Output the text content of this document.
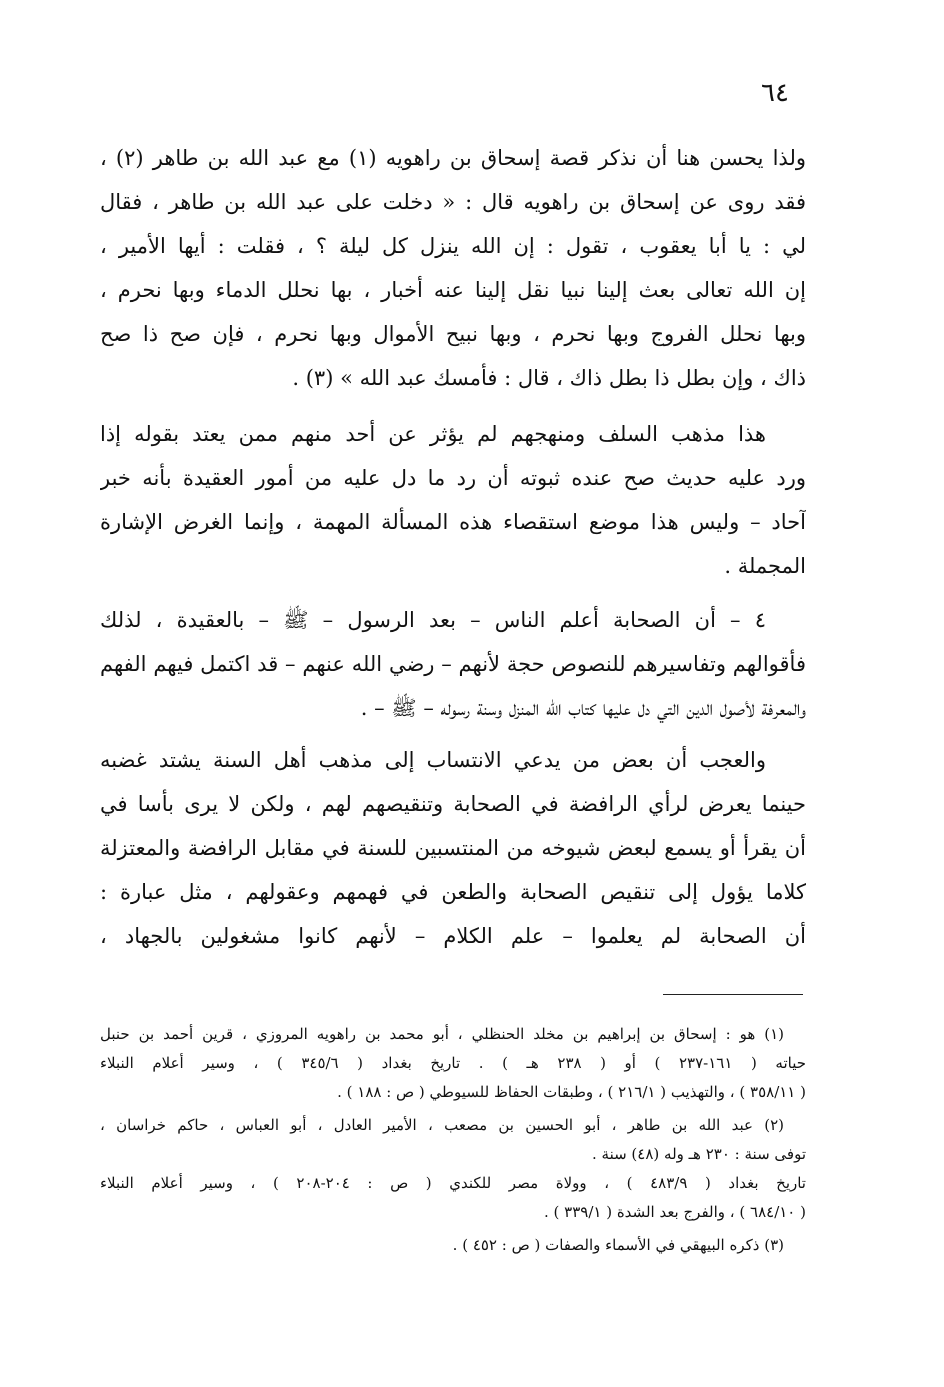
٦٤
ولذا يحسن هنا أن نذكر قصة إسحاق بن راهويه (١) مع عبد الله بن طاهر (٢) ،
فقد روى عن إسحاق بن راهويه قال : « دخلت على عبد الله بن طاهر ، فقال
لي : يا أبا يعقوب ، تقول : إن الله ينزل كل ليلة ؟ ، فقلت : أيها الأمير ،
إن الله تعالى بعث إلينا نبيا نقل إلينا عنه أخبار ، بها نحلل الدماء وبها نحرم ،
وبها نحلل الفروج وبها نحرم ، وبها نبيح الأموال وبها نحرم ، فإن صح ذا صح
ذاك ، وإن بطل ذا بطل ذاك ، قال : فأمسك عبد الله » (٣) .
هذا مذهب السلف ومنهجهم لم يؤثر عن أحد منهم ممن يعتد بقوله إذا
ورد عليه حديث صح عنده ثبوته أن رد ما دل عليه من أمور العقيدة بأنه خبر
آحاد – وليس هذا موضع استقصاء هذه المسألة المهمة ، وإنما الغرض الإشارة
المجملة .
٤ – أن الصحابة أعلم الناس – بعد الرسول – ﷺ – بالعقيدة ، لذلك
فأقوالهم وتفاسيرهم للنصوص حجة لأنهم – رضي الله عنهم – قد اكتمل فيهم الفهم
والمعرفة لأصول الدين التي دل عليها كتاب الله المنزل وسنة رسوله – ﷺ – .
والعجب أن بعض من يدعي الانتساب إلى مذهب أهل السنة يشتد غضبه
حينما يعرض لرأي الرافضة في الصحابة وتنقيصهم لهم ، ولكن لا يرى بأسا في
أن يقرأ أو يسمع لبعض شيوخه من المنتسبين للسنة في مقابل الرافضة والمعتزلة
كلاما يؤول إلى تنقيص الصحابة والطعن في فهمهم وعقولهم ، مثل عبارة :
أن الصحابة لم يعلموا – علم الكلام – لأنهم كانوا مشغولين بالجهاد ،
(١) هو : إسحاق بن إبراهيم بن مخلد الحنظلي ، أبو محمد بن راهويه المروزي ، قرين أحمد بن حنبل
حياته ( ١٦١-٢٣٧ ) أو ( ٢٣٨ هـ ) . تاريخ بغداد ( ٣٤٥/٦ ) ، وسير أعلام النبلاء
( ٣٥٨/١١ ) ، والتهذيب ( ٢١٦/١ ) ، وطبقات الحفاظ للسيوطي ( ص : ١٨٨ ) .
(٢) عبد الله بن طاهر ، أبو الحسين بن مصعب ، الأمير العادل ، أبو العباس ، حاكم خراسان ،
توفى سنة : ٢٣٠ هـ وله (٤٨) سنة .
تاريخ بغداد ( ٤٨٣/٩ ) ، وولاة مصر للكندي ( ص : ٢٠٤-٢٠٨ ) ، وسير أعلام النبلاء
( ٦٨٤/١٠ ) ، والفرج بعد الشدة ( ٣٣٩/١ ) .
(٣) ذكره البيهقي في الأسماء والصفات ( ص : ٤٥٢ ) .
